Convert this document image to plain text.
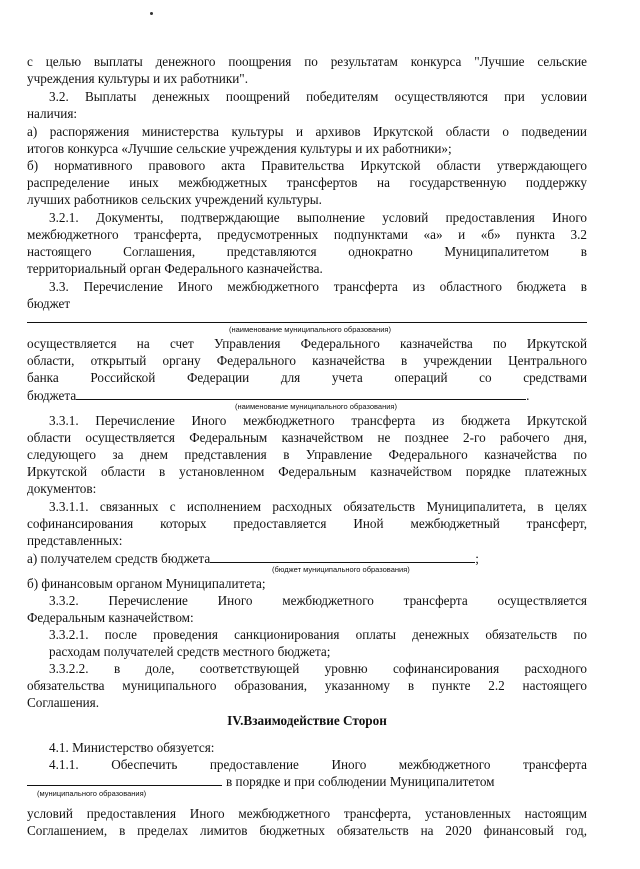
с целью выплаты денежного поощрения по результатам конкурса "Лучшие сельские
учреждения культуры и их работники".
3.2. Выплаты денежных поощрений победителям осуществляются при условии
наличия:
а) распоряжения министерства культуры и архивов Иркутской области о подведении
итогов конкурса «Лучшие сельские учреждения культуры и их работники»;
б) нормативного правового акта Правительства Иркутской области утверждающего
распределение иных межбюджетных трансфертов на государственную поддержку
лучших работников сельских учреждений культуры.
3.2.1. Документы, подтверждающие выполнение условий предоставления Иного
межбюджетного трансферта, предусмотренных подпунктами «а» и «б» пункта 3.2
настоящего Соглашения, представляются однократно Муниципалитетом в
территориальный орган Федерального казначейства.
3.3. Перечисление Иного межбюджетного трансферта из областного бюджета в
бюджет
(наименование муниципального образования)
осуществляется на счет Управления Федерального казначейства по Иркутской
области, открытый органу Федерального казначейства в учреждении Центрального
банка Российской Федерации для учета операций со средствами
бюджета	.
(наименование муниципального образования)
3.3.1. Перечисление Иного межбюджетного трансферта из бюджета Иркутской
области осуществляется Федеральным казначейством не позднее 2-го рабочего дня,
следующего за днем представления в Управление Федерального казначейства по
Иркутской области в установленном Федеральным казначейством порядке платежных
документов:
3.3.1.1. связанных с исполнением расходных обязательств Муниципалитета, в целях
софинансирования которых предоставляется Иной межбюджетный трансферт,
представленных:
а) получателем средств бюджета	;
(бюджет муниципального образования)
б) финансовым органом Муниципалитета;
3.3.2. Перечисление Иного межбюджетного трансферта осуществляется
Федеральным казначейством:
3.3.2.1. после проведения санкционирования оплаты денежных обязательств по
расходам получателей средств местного бюджета;
3.3.2.2. в доле, соответствующей уровню софинансирования расходного
обязательства муниципального образования, указанному в пункте 2.2 настоящего
Соглашения.
IV.Взаимодействие Сторон
4.1. Министерство обязуется:
4.1.1. Обеспечить предоставление Иного межбюджетного трансферта
в порядке и при соблюдении Муниципалитетом
(муниципального образования)
условий предоставления Иного межбюджетного трансферта, установленных настоящим
Соглашением, в пределах лимитов бюджетных обязательств на 2020 финансовый год,
